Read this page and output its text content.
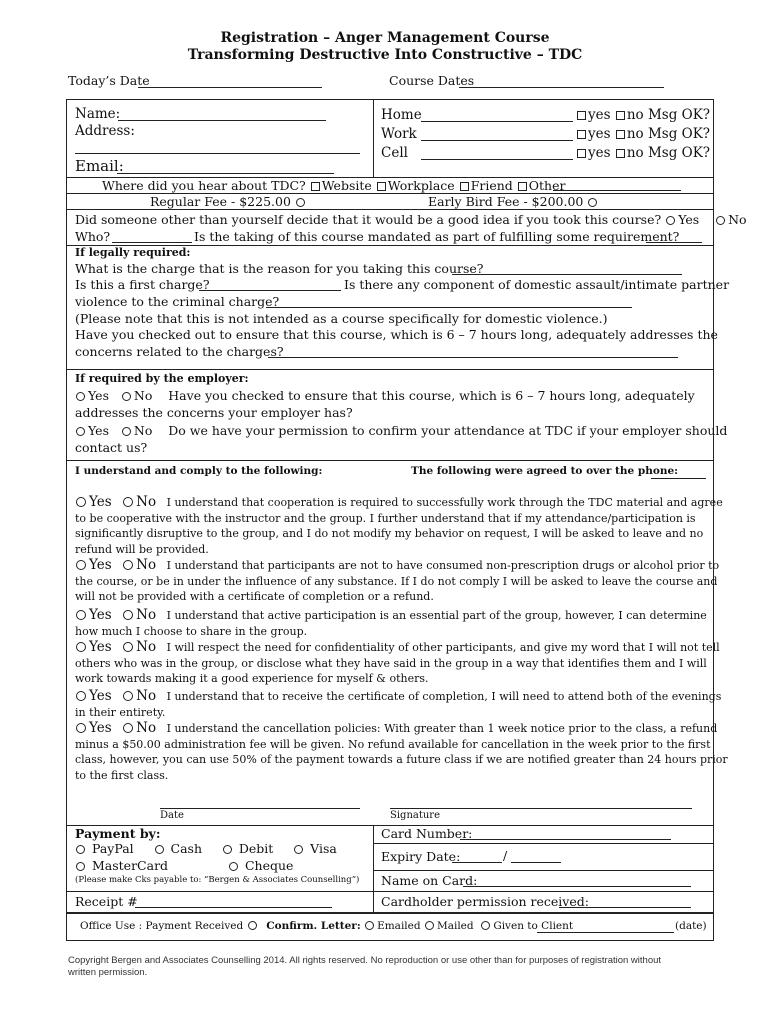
Registration – Anger Management Course
Transforming Destructive Into Constructive – TDC
Today’s Date	Course Dates
Name:
Address:
Email:
Home	yes no Msg OK?
Work	yes no Msg OK?
Cell	yes no Msg OK?
Where did you hear about TDC? Website Workplace Friend Other
Regular Fee - $225.00	Early Bird Fee - $200.00
Did someone other than yourself decide that it would be a good idea if you took this course? Yes No
Who?	Is the taking of this course mandated as part of fulfilling some requirement?
If legally required:
What is the charge that is the reason for you taking this course?
Is this a first charge?	Is there any component of domestic assault/intimate partner
violence to the criminal charge?
(Please note that this is not intended as a course specifically for domestic violence.)
Have you checked out to ensure that this course, which is 6 – 7 hours long, adequately addresses the
concerns related to the charges?
If required by the employer:
Yes No Have you checked to ensure that this course, which is 6 – 7 hours long, adequately
addresses the concerns your employer has?
Yes No Do we have your permission to confirm your attendance at TDC if your employer should
contact us?
I understand and comply to the following:	The following were agreed to over the phone:
Yes No I understand that cooperation is required to successfully work through the TDC material and agree
to be cooperative with the instructor and the group. I further understand that if my attendance/participation is
significantly disruptive to the group, and I do not modify my behavior on request, I will be asked to leave and no
refund will be provided.
Yes No I understand that participants are not to have consumed non-prescription drugs or alcohol prior to
the course, or be in under the influence of any substance. If I do not comply I will be asked to leave the course and
will not be provided with a certificate of completion or a refund.
Yes No I understand that active participation is an essential part of the group, however, I can determine
how much I choose to share in the group.
Yes No I will respect the need for confidentiality of other participants, and give my word that I will not tell
others who was in the group, or disclose what they have said in the group in a way that identifies them and I will
work towards making it a good experience for myself & others.
Yes No I understand that to receive the certificate of completion, I will need to attend both of the evenings
in their entirety.
Yes No I understand the cancellation policies: With greater than 1 week notice prior to the class, a refund
minus a $50.00 administration fee will be given. No refund available for cancellation in the week prior to the first
class, however, you can use 50% of the payment towards a future class if we are notified greater than 24 hours prior
to the first class.
Date	Signature
Payment by:
PayPal	Cash	Debit	Visa
MasterCard	Cheque
(Please make Cks payable to: “Bergen & Associates Counselling”)
Receipt #
Card Number:
Expiry Date:	/
Name on Card:
Cardholder permission received:
Office Use : Payment Received Confirm. Letter: Emailed Mailed Given to Client	(date)
Copyright Bergen and Associates Counselling 2014. All rights reserved. No reproduction or use other than for purposes of registration without
written permission.
